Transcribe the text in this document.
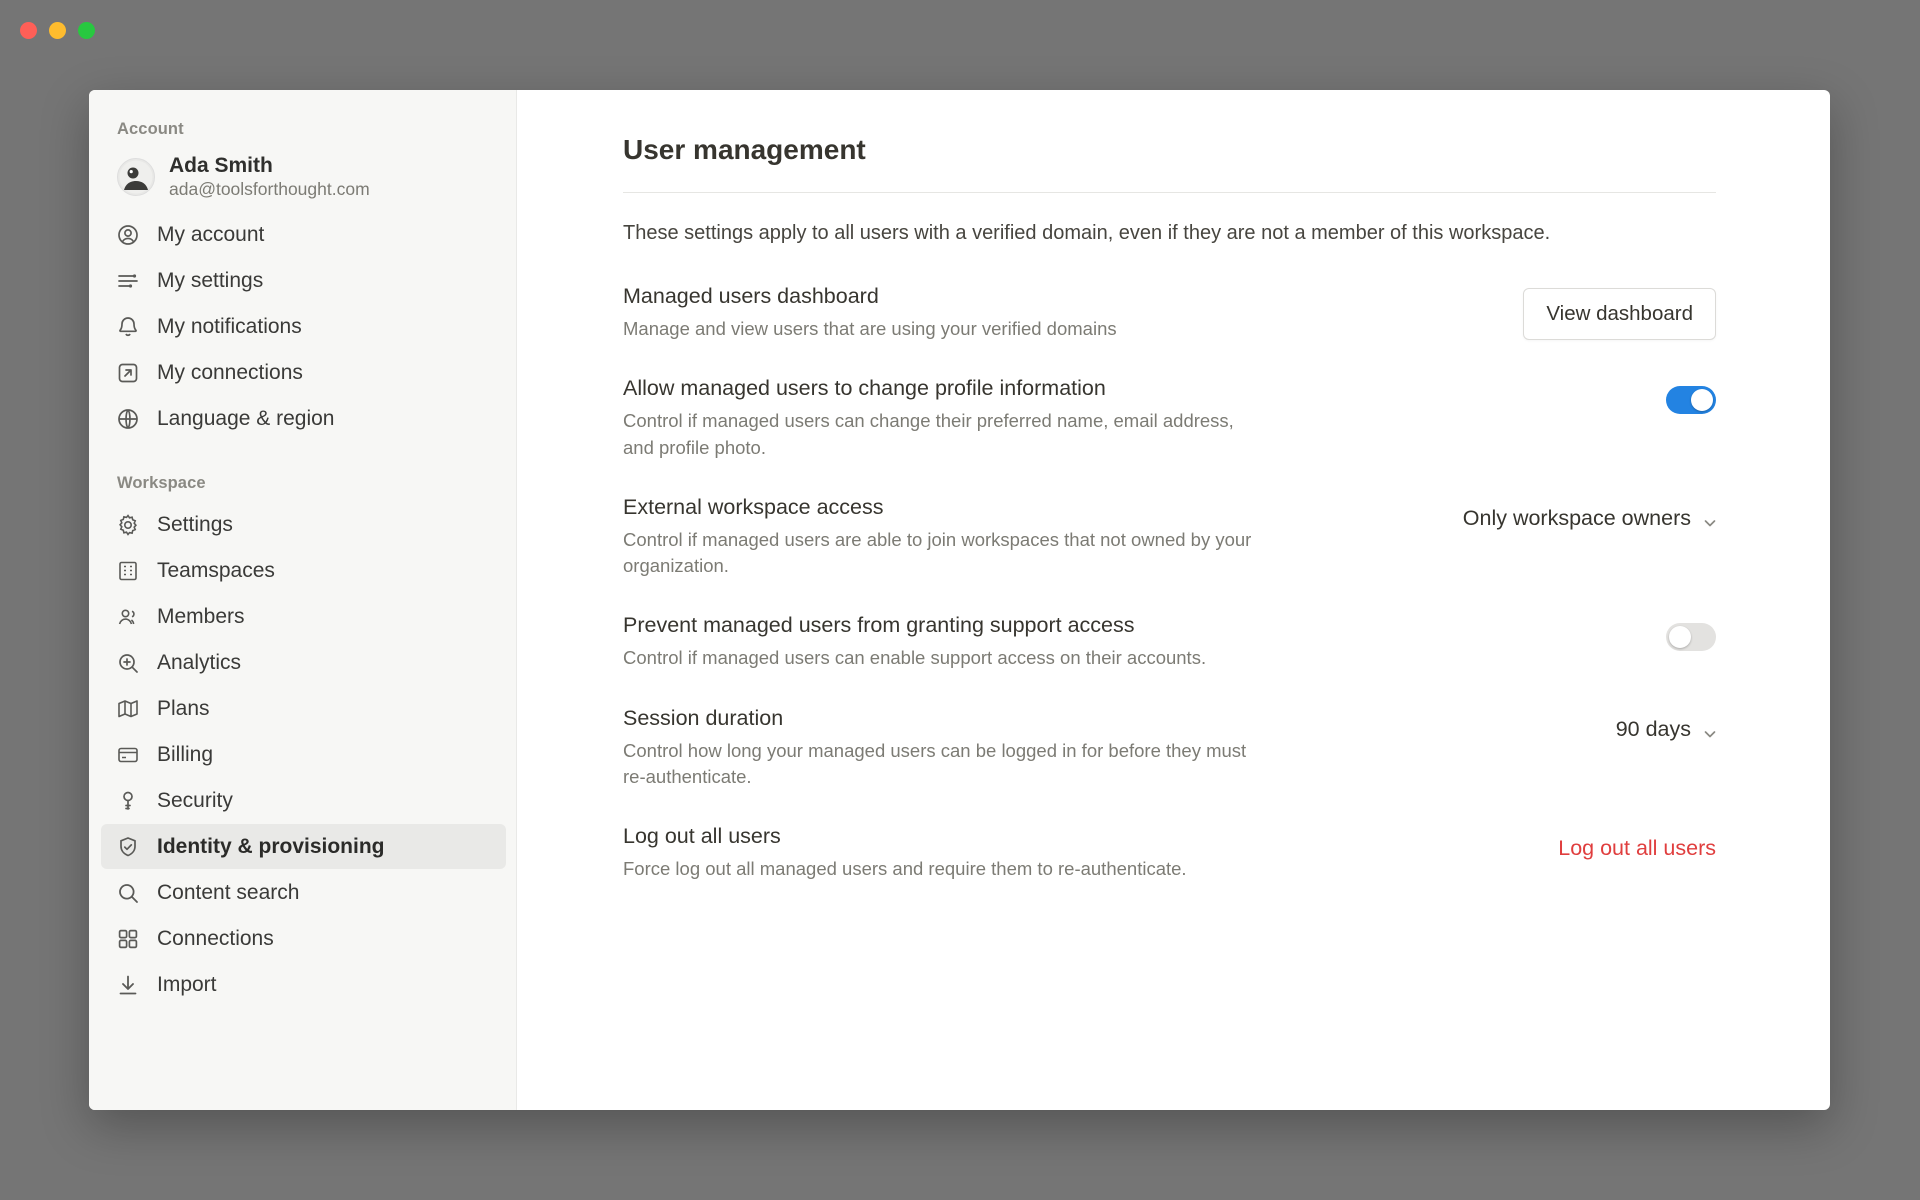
Account
Ada Smith
ada@toolsforthought.com
My account
My settings
My notifications
My connections
Language & region
Workspace
Settings
Teamspaces
Members
Analytics
Plans
Billing
Security
Identity & provisioning
Content search
Connections
Import
User management
These settings apply to all users with a verified domain, even if they are not a member of this workspace.
Managed users dashboard
Manage and view users that are using your verified domains
View dashboard
Allow managed users to change profile information
Control if managed users can change their preferred name, email address, and profile photo.
External workspace access
Control if managed users are able to join workspaces that not owned by your organization.
Only workspace owners
Prevent managed users from granting support access
Control if managed users can enable support access on their accounts.
Session duration
Control how long your managed users can be logged in for before they must re-authenticate.
90 days
Log out all users
Force log out all managed users and require them to re-authenticate.
Log out all users
